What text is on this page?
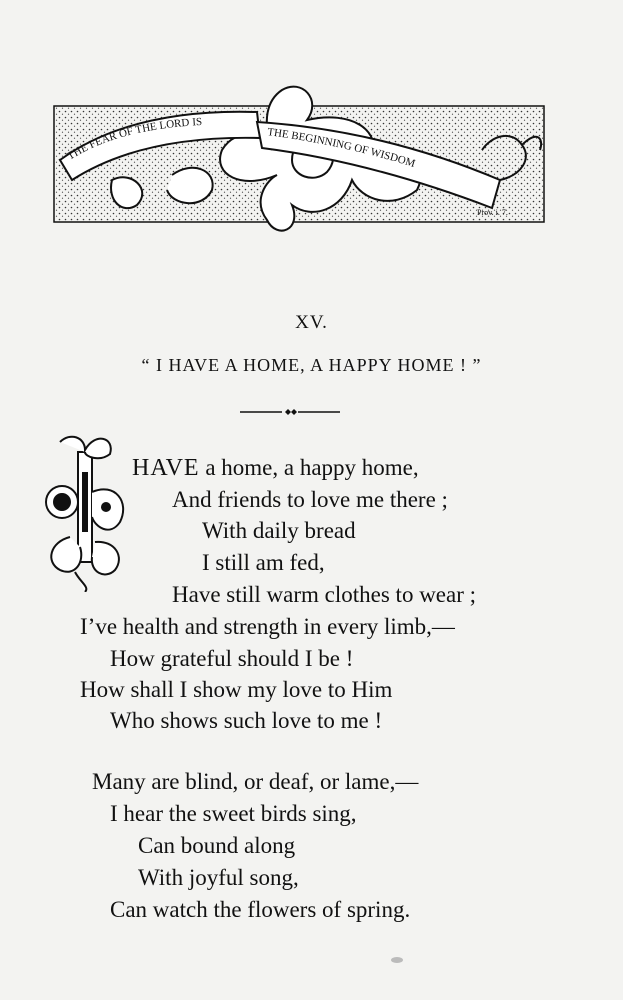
THE FEAR OF THE LORD IS
THE BEGINNING OF WISDOM
Prov. i. 7.
XV.
“ I HAVE A HOME, A HAPPY HOME ! ”
HAVE a home, a happy home,
And friends to love me there ;
With daily bread
I still am fed,
Have still warm clothes to wear ;
I’ve health and strength in every limb,—
How grateful should I be !
How shall I show my love to Him
Who shows such love to me !
Many are blind, or deaf, or lame,—
I hear the sweet birds sing,
Can bound along
With joyful song,
Can watch the flowers of spring.
